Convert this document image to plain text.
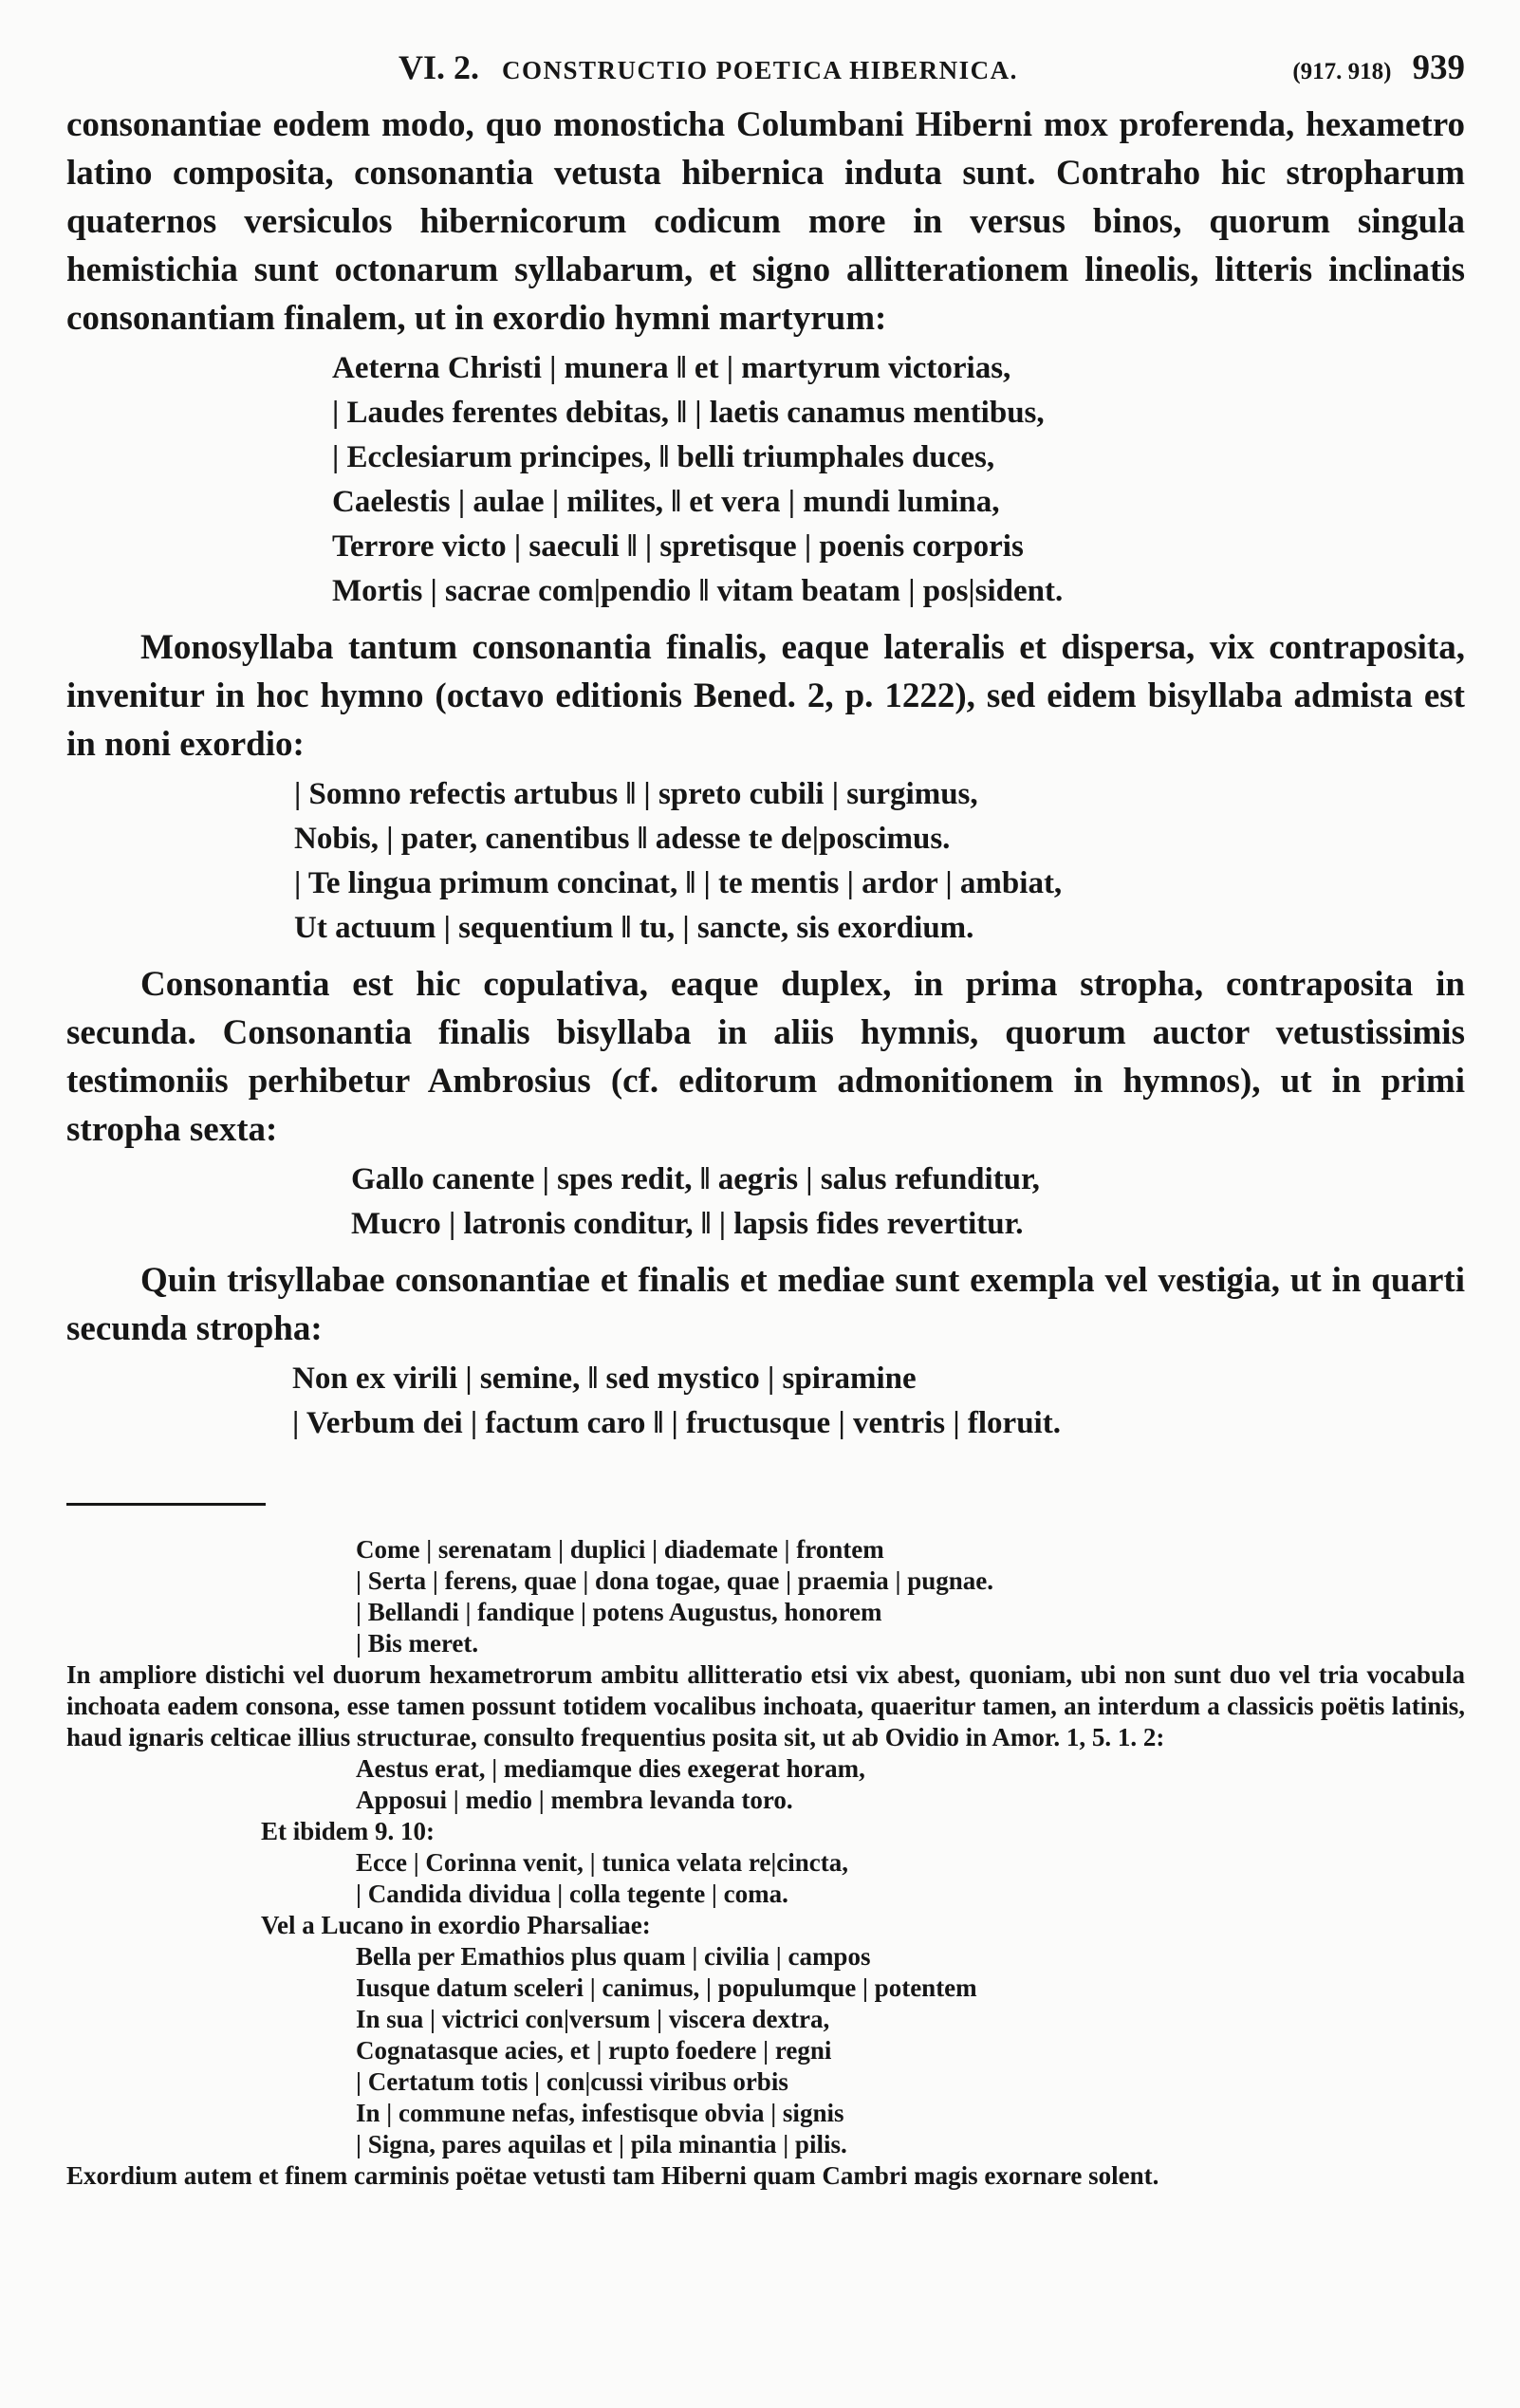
VI. 2. CONSTRUCTIO POETICA HIBERNICA.	(917. 918) 939

consonantiae eodem modo, quo monosticha Columbani Hiberni mox proferenda, hexametro latino composita, consonantia vetusta hibernica induta sunt. Contraho hic stropharum quaternos versiculos hibernicorum codicum more in versus binos, quorum singula hemistichia sunt octonarum syllabarum, et signo allitterationem lineolis, litteris inclinatis consonantiam finalem, ut in exordio hymni martyrum:

Aeterna Christi | munera ‖ et | martyrum victorias,
| Laudes ferentes debitas, ‖ | laetis canamus mentibus,
| Ecclesiarum principes, ‖ belli triumphales duces,
Caelestis | aulae | milites, ‖ et vera | mundi lumina,
Terrore victo | saeculi ‖ | spretisque | poenis corporis
Mortis | sacrae com|pendio ‖ vitam beatam | pos|sident.

Monosyllaba tantum consonantia finalis, eaque lateralis et dispersa, vix contraposita, invenitur in hoc hymno (octavo editionis Bened. 2, p. 1222), sed eidem bisyllaba admista est in noni exordio:

| Somno refectis artubus ‖ | spreto cubili | surgimus,
Nobis, | pater, canentibus ‖ adesse te de|poscimus.
| Te lingua primum concinat, ‖ | te mentis | ardor | ambiat,
Ut actuum | sequentium ‖ tu, | sancte, sis exordium.

Consonantia est hic copulativa, eaque duplex, in prima stropha, contraposita in secunda. Consonantia finalis bisyllaba in aliis hymnis, quorum auctor vetustissimis testimoniis perhibetur Ambrosius (cf. editorum admonitionem in hymnos), ut in primi stropha sexta:

Gallo canente | spes redit, ‖ aegris | salus refunditur,
Mucro | latronis conditur, ‖ | lapsis fides revertitur.

Quin trisyllabae consonantiae et finalis et mediae sunt exempla vel vestigia, ut in quarti secunda stropha:

Non ex virili | semine, ‖ sed mystico | spiramine
| Verbum dei | factum caro ‖ | fructusque | ventris | floruit.

Come | serenatam | duplici | diademate | frontem

| Serta | ferens, quae | dona togae, quae | praemia | pugnae.

| Bellandi | fandique | potens Augustus, honorem

| Bis meret.

In ampliore distichi vel duorum hexametrorum ambitu allitteratio etsi vix abest, quoniam, ubi non sunt duo vel tria vocabula inchoata eadem consona, esse tamen possunt totidem vocalibus inchoata, quaeritur tamen, an interdum a classicis poëtis latinis, haud ignaris celticae illius structurae, consulto frequentius posita sit, ut ab Ovidio in Amor. 1, 5. 1. 2:

Aestus erat, | mediamque dies exegerat horam,

Apposui | medio | membra levanda toro.

Et ibidem 9. 10:

Ecce | Corinna venit, | tunica velata re|cincta,

| Candida dividua | colla tegente | coma.

Vel a Lucano in exordio Pharsaliae:

Bella per Emathios plus quam | civilia | campos

Iusque datum sceleri | canimus, | populumque | potentem

In sua | victrici con|versum | viscera dextra,

Cognatasque acies, et | rupto foedere | regni

| Certatum totis | con|cussi viribus orbis

In | commune nefas, infestisque obvia | signis

| Signa, pares aquilas et | pila minantia | pilis.

Exordium autem et finem carminis poëtae vetusti tam Hiberni quam Cambri magis exornare solent.
